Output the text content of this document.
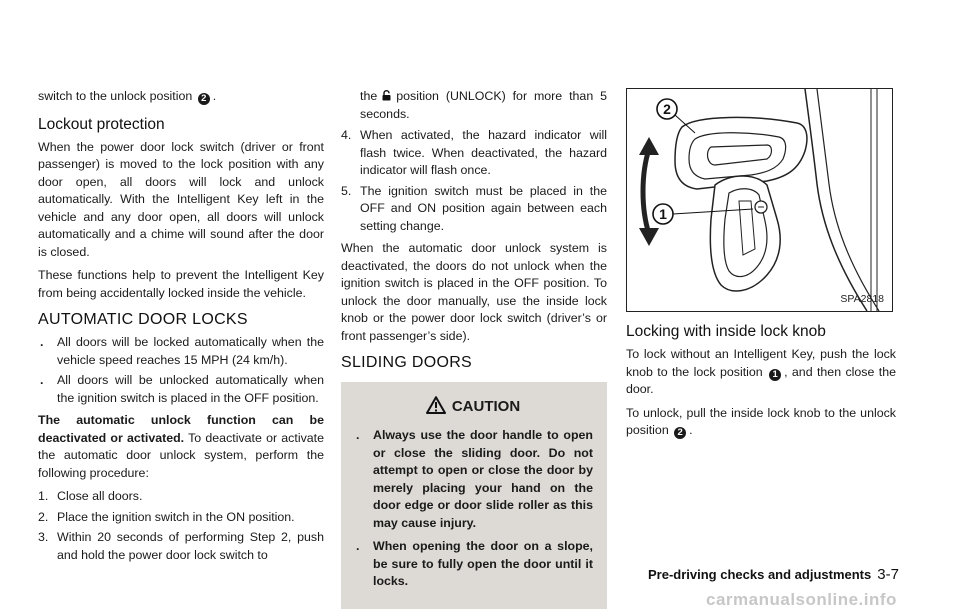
switch to the unlock position 2 .

Lockout protection

When the power door lock switch (driver or front passenger) is moved to the lock position with any door open, all doors will lock and unlock automatically. With the Intelligent Key left in the vehicle and any door open, all doors will unlock automatically and a chime will sound after the door is closed.

These functions help to prevent the Intelligent Key from being accidentally locked inside the vehicle.

AUTOMATIC DOOR LOCKS
. All doors will be locked automatically when the vehicle speed reaches 15 MPH (24 km/h).
. All doors will be unlocked automatically when the ignition switch is placed in the OFF position.

The automatic unlock function can be deactivated or activated. To deactivate or activate the automatic door unlock system, perform the following procedure:

1. Close all doors.
2. Place the ignition switch in the ON position.
3. Within 20 seconds of performing Step 2, push and hold the power door lock switch to
the position (UNLOCK) for more than 5 seconds.
4. When activated, the hazard indicator will flash twice. When deactivated, the hazard indicator will flash once.
5. The ignition switch must be placed in the OFF and ON position again between each setting change.

When the automatic door unlock system is deactivated, the doors do not unlock when the ignition switch is placed in the OFF position. To unlock the door manually, use the inside lock knob or the power door lock switch (driver’s or front passenger’s side).

SLIDING DOORS
CAUTION
. Always use the door handle to open or close the sliding door. Do not attempt to open or close the door by merely placing your hand on the door edge or door slide roller as this may cause injury.
. When opening the door on a slope, be sure to fully open the door until it locks.
2
1
SPA2818
Locking with inside lock knob

To lock without an Intelligent Key, push the lock knob to the lock position 1 , and then close the door.

To unlock, pull the inside lock knob to the unlock position 2 .

Pre-driving checks and adjustments 3-7
carmanualsonline.info
